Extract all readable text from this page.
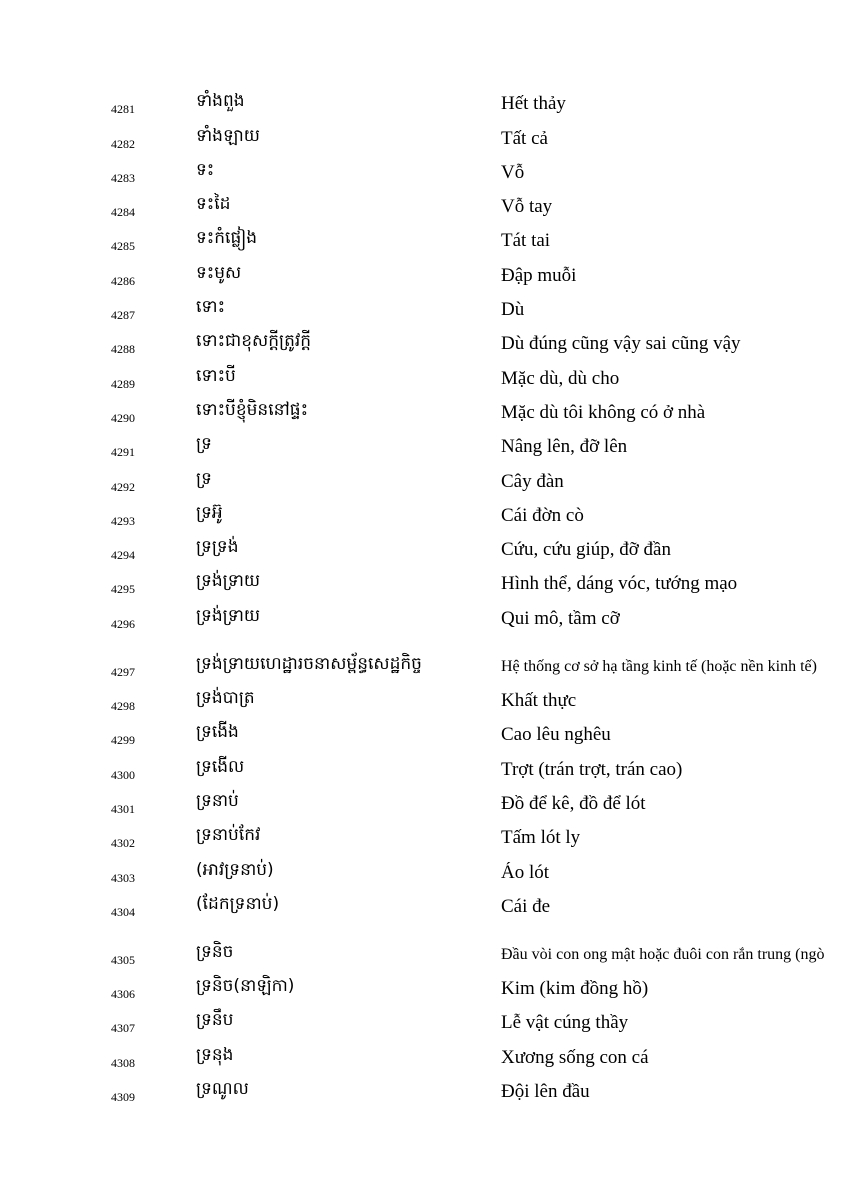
4281	ទាំងពួង	Hết thảy
4282	ទាំងឡាយ	Tất cả
4283	ទះ	Vỗ
4284	ទះដៃ	Vỗ tay
4285	ទះកំផ្លៀង	Tát tai
4286	ទះមូស	Đập muỗi
4287	ទោះ	Dù
4288	ទោះជាខុសក្តីត្រូវក្តី	Dù đúng cũng vậy sai cũng vậy
4289	ទោះបី	Mặc dù, dù cho
4290	ទោះបីខ្ញុំមិននៅផ្ទះ	Mặc dù tôi không có ở nhà
4291	ទ្រ	Nâng lên, đỡ lên
4292	ទ្រ	Cây đàn
4293	ទ្រអ៊ូ	Cái đờn cò
4294	ទ្រទ្រង់	Cứu, cứu giúp, đỡ đần
4295	ទ្រង់ទ្រាយ	Hình thể, dáng vóc, tướng mạo
4296	ទ្រង់ទ្រាយ	Qui mô, tầm cỡ
4297	ទ្រង់ទ្រាយហេដ្ឋារចនាសម្ព័ន្ធសេដ្ឋកិច្ច	Hệ thống cơ sở hạ tầng kinh tế (hoặc nền kinh tế)
4298	ទ្រង់បាត្រ	Khất thực
4299	ទ្រងើង	Cao lêu nghêu
4300	ទ្រងើល	Trợt (trán trợt, trán cao)
4301	ទ្រនាប់	Đồ để kê, đồ để lót
4302	ទ្រនាប់កែវ	Tấm lót ly
4303	(អាវទ្រនាប់)	Áo lót
4304	(ដែកទ្រនាប់)	Cái đe
4305	ទ្រនិច	Đầu vòi con ong mật hoặc đuôi con rắn trung (ngò
4306	ទ្រនិច(នាឡិកា)	Kim (kim đồng hồ)
4307	ទ្រនឹប	Lễ vật cúng thầy
4308	ទ្រនុង	Xương sống con cá
4309	ទ្រណូល	Đội lên đầu
